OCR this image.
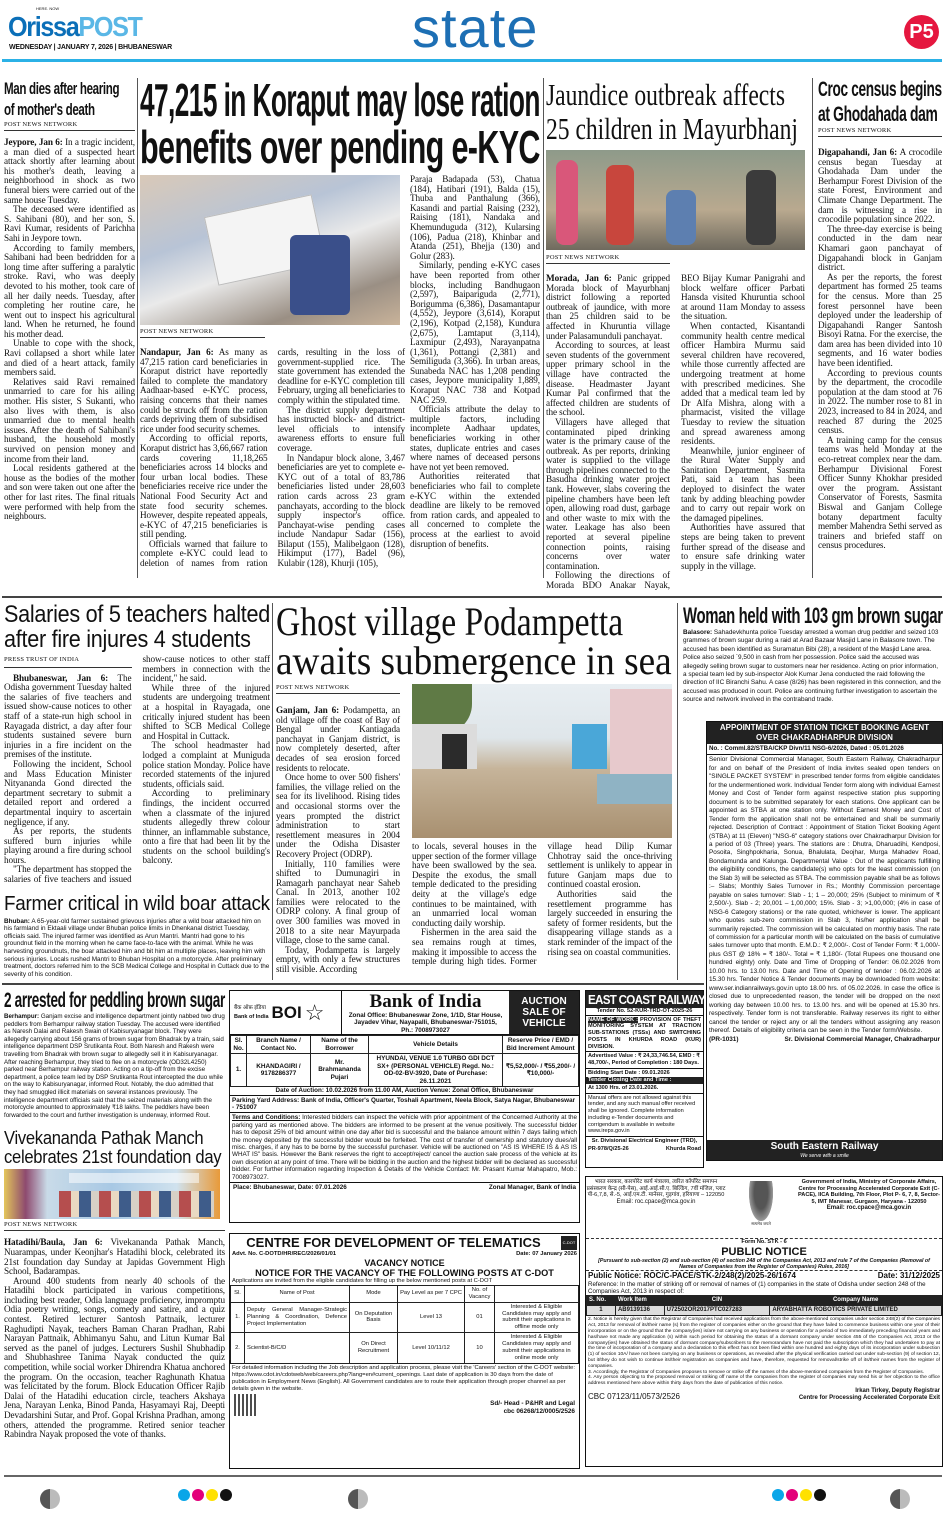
HERE. NOW
OrissaPOST
WEDNESDAY | JANUARY 7, 2026 | BHUBANESWAR	state	P5
Man dies after hearing
of mother's death
POST NEWS NETWORK

Jeypore, Jan 6: In a tragic incident, a man died of a suspected heart attack shortly after learning about his mother's death, leaving a neighborhood in shock as two funeral biers were carried out of the same house Tuesday.

The deceased were identified as S. Sahibani (80), and her son, S. Ravi Kumar, residents of Parichha Sahi in Jeypore town.

According to family members, Sahibani had been bedridden for a long time after suffering a paralytic stroke. Ravi, who was deeply devoted to his mother, took care of all her daily needs. Tuesday, after completing her routine care, he went out to inspect his agricultural land. When he returned, he found his mother dead.

Unable to cope with the shock, Ravi collapsed a short while later and died of a heart attack, family members said.

Relatives said Ravi remained unmarried to care for his ailing mother. His sister, S Sukanti, who also lives with them, is also unmarried due to mental health issues. After the death of Sahibani's husband, the household mostly survived on pension money and income from their land.

Local residents gathered at the house as the bodies of the mother and son were taken out one after the other for last rites. The final rituals were performed with help from the neighbours.

47,215 in Koraput may lose ration
benefits over pending e-KYC
POST NEWS NETWORK

Nandapur, Jan 6: As many as 47,215 ration card beneficiaries in Koraput district have reportedly failed to complete the mandatory Aadhaar-based e-KYC process, raising concerns that their names could be struck off from the ration cards depriving them of subsidised rice under food security schemes.

According to official reports, Koraput district has 3,66,667 ration cards covering 11,18,265 beneficiaries across 14 blocks and four urban local bodies. These beneficiaries receive rice under the National Food Security Act and state food security schemes. However, despite repeated appeals, e-KYC of 47,215 beneficiaries is still pending.

Officials warned that failure to complete e-KYC could lead to deletion of names from ration cards, resulting in the loss of government-supplied rice. The state government has extended the deadline for e-KYC completion till February, urging all beneficiaries to comply within the stipulated time.

The district supply department has instructed block- and district-level officials to intensify awareness efforts to ensure full coverage.

In Nandapur block alone, 3,467 beneficiaries are yet to complete e-KYC out of a total of 83,786 beneficiaries listed under 28,603 ration cards across 23 gram panchayats, according to the block supply inspector's office. Panchayat-wise pending cases include Nandapur Sadar (156), Bilaput (155), Malibelgaon (128), Hikimput (177), Badel (96), Kulabir (128), Khurji (105),

Paraja Badapada (53), Chatua (184), Hatibari (191), Balda (15), Thuba and Panthalung (366), Kasandi and partial Raising (232), Raising (181), Nandaka and Khemunduguda (312), Kularsing (106), Padua (218), Khinbar and Atanda (251), Bhejja (130) and Golur (283).

Similarly, pending e-KYC cases have been reported from other blocks, including Bandhugaon (2,597), Baipariguda (2,771), Borigumma (6,386), Dasamantapur (4,552), Jeypore (3,614), Koraput (2,196), Kotpad (2,158), Kundura (2,675), Lamtaput (3,114), Laxmipur (2,493), Narayanpatna (1,361), Pottangi (2,381) and Semiliguda (3,366). In urban areas, Sunabeda NAC has 1,208 pending cases, Jeypore municipality 1,889, Koraput NAC 738 and Kotpad NAC 259.

Officials attribute the delay to multiple factors, including incomplete Aadhaar updates, beneficiaries working in other states, duplicate entries and cases where names of deceased persons have not yet been removed.

Authorities reiterated that beneficiaries who fail to complete e-KYC within the extended deadline are likely to be removed from ration cards, and appealed to all concerned to complete the process at the earliest to avoid disruption of benefits.

Jaundice outbreak affects
25 children in Mayurbhanj
POST NEWS NETWORK

Morada, Jan 6: Panic gripped Morada block of Mayurbhanj district following a reported outbreak of jaundice, with more than 25 children said to be affected in Khuruntia village under Palasamunduli panchayat.

According to sources, at least seven students of the government upper primary school in the village have contracted the disease. Headmaster Jayant Kumar Pal confirmed that the affected children are students of the school.

Villagers have alleged that contaminated piped drinking water is the primary cause of the outbreak. As per reports, drinking water is supplied to the village through pipelines connected to the Basudha drinking water project tank. However, slabs covering the pipeline chambers have been left open, allowing road dust, garbage and other waste to mix with the water. Leakage has also been reported at several pipeline connection points, raising concerns over water contamination.

Following the directions of Morada BDO Anakar Nayak, BEO Bijay Kumar Panigrahi and block welfare officer Parbati Hansda visited Khuruntia school at around 11am Monday to assess the situation.

When contacted, Kisantandi community health centre medical officer Hambira Murmu said several children have recovered, while those currently affected are undergoing treatment at home with prescribed medicines. She added that a medical team led by Dr Alfa Mishra, along with a pharmacist, visited the village Tuesday to review the situation and spread awareness among residents.

Meanwhile, junior engineer of the Rural Water Supply and Sanitation Department, Sasmita Pati, said a team has been deployed to disinfect the water tank by adding bleaching powder and to carry out repair work on the damaged pipelines.

Authorities have assured that steps are being taken to prevent further spread of the disease and to ensure safe drinking water supply in the village.

Croc census begins
at Ghodahada dam
POST NEWS NETWORK

Digapahandi, Jan 6: A crocodile census began Tuesday at Ghodahada Dam under the Berhampur Forest Division of the state Forest, Environment and Climate Change Department. The dam is witnessing a rise in crocodile population since 2022.

The three-day exercise is being conducted in the dam near Khamari gaon panchayat of Digapahandi block in Ganjam district.

As per the reports, the forest department has formed 25 teams for the census. More than 25 forest personnel have been deployed under the leadership of Digapahandi Ranger Santosh Bisoyi Ratna. For the exercise, the dam area has been divided into 10 segments, and 16 water bodies have been identified.

According to previous counts by the department, the crocodile population at the dam stood at 76 in 2022. The number rose to 81 in 2023, increased to 84 in 2024, and reached 87 during the 2025 census.

A training camp for the census teams was held Monday at the eco-retreat complex near the dam. Berhampur Divisional Forest Officer Sunny Khokhar presided over the program. Assistant Conservator of Forests, Sasmita Biswal and Ganjam College botany department faculty member Mahendra Sethi served as trainers and briefed staff on census procedures.

Salaries of 5 teachers halted
after fire injures 4 students
PRESS TRUST OF INDIA

Bhubaneswar, Jan 6: The Odisha government Tuesday halted the salaries of five teachers and issued show-cause notices to other staff of a state-run high school in Rayagada district, a day after four students sustained severe burn injuries in a fire incident on the premises of the institute.

Following the incident, School and Mass Education Minister Nityananda Gond directed the department secretary to submit a detailed report and ordered a departmental inquiry to ascertain negligence, if any.

As per reports, the students suffered burn injuries while playing around a fire during school hours.

"The department has stopped the salaries of five teachers and issued show-cause notices to other staff members in connection with the incident," he said.

While three of the injured students are undergoing treatment at a hospital in Rayagada, one critically injured student has been shifted to SCB Medical College and Hospital in Cuttack.

The school headmaster had lodged a complaint at Muniguda police station Monday. Police have recorded statements of the injured students, officials said.

According to preliminary findings, the incident occurred when a classmate of the injured students allegedly threw colour thinner, an inflammable substance, onto a fire that had been lit by the students on the school building's balcony.

Farmer critical in wild boar attack
Bhuban: A 65-year-old farmer sustained grievous injuries after a wild boar attacked him on his farmland in Ektaali village under Bhuban police limits in Dhenkanal district Tuesday, officials said. The injured farmer was identified as Arun Mantri. Mantri had gone to his groundnut field in the morning when he came face-to-face with the animal. While he was harvesting groundnuts, the boar attacked him and bit him at multiple places, leaving him with serious injuries. Locals rushed Mantri to Bhuban Hospital on a motorcycle. After preliminary treatment, doctors referred him to the SCB Medical College and Hospital in Cuttack due to the severity of his condition.
Ghost village Podampetta
awaits submergence in sea
POST NEWS NETWORK

Ganjam, Jan 6: Podampetta, an old village off the coast of Bay of Bengal under Kantiagada panchayat in Ganjam district, is now completely deserted, after decades of sea erosion forced residents to relocate.

Once home to over 500 fishers' families, the village relied on the sea for its livelihood. Rising tides and occasional storms over the years prompted the district administration to start resettlement measures in 2004 under the Odisha Disaster Recovery Project (ODRP).

Initially, 110 families were shifted to Dumunagiri in Ramagarh panchayat near Saheb Canal. In 2013, another 102 families were relocated to the ODRP colony. A final group of over 300 families was moved in 2018 to a site near Mayurpada village, close to the same canal.

Today, Podampetta is largely empty, with only a few structures still visible. According

to locals, several houses in the upper section of the former village have been swallowed by the sea. Despite the exodus, the small temple dedicated to the presiding deity at the village's edge continues to be maintained, with an unmarried local woman conducting daily worship.

Fishermen in the area said the sea remains rough at times, making it impossible to access the temple during high tides. Former village head Dilip Kumar Chhotray said the once-thriving settlement is unlikely to appear in future Ganjam maps due to continued coastal erosion.

Authorities said the resettlement programme has largely succeeded in ensuring the safety of former residents, but the disappearing village stands as a stark reminder of the impact of the rising sea on coastal communities.

Woman held with 103 gm brown sugar
Balasore: Sahadevkhunta police Tuesday arrested a woman drug peddler and seized 103 grammes of brown sugar during a raid at Arad Bazaar Masjid Lane in Balasore town. The accused has been identified as Suramatun Bibi (28), a resident of the Masjid Lane area. Police also seized `9,500 in cash from her possession. Police said the accused was allegedly selling brown sugar to customers near her residence. Acting on prior information, a special team led by sub-inspector Alok Kumar Jena conducted the raid following the direction of IIC Biranchi Sahu. A case (8/26) has been registered in this connection, and the accused was produced in court. Police are continuing further investigation to ascertain the source and network involved in the contraband trade.
APPOINTMENT OF STATION TICKET BOOKING AGENT OVER CHAKRADHARPUR DIVISION
No. : Comml.82/STBA/CKP Divn/11 NSG-6/2026, Dated : 05.01.2026
Senior Divisional Commercial Manager, South Eastern Railway, Chakradharpur for and on behalf of the President of India invites sealed open tenders on "SINGLE PACKET SYSTEM" in prescribed tender forms from eligible candidates for the undermentioned work. Individual Tender form along with individual Earnest Money and Cost of Tender form against respective station plus supporting document is to be submitted separately for each stations. One applicant can be appointed as STBA at one station only. Without Earnest Money and Cost of Tender form the application shall not be entertained and shall be summarily rejected. Description of Contract : Appointment of Station Ticket Booking Agent (STBA) at 11 (Eleven) "NSG-6" category stations over Chakradharpur Division for a period of 03 (Three) years. The stations are : Dhutra, Dharuadihi, Kendposi, Posoita, Singhpokharia, Sonua, Bhalulata, Deojhar, Murga Mahadev Road, Bondamunda and Kalunga. Departmental Value : Out of the applicants fulfilling the eligibility conditions, the candidate(s) who opts for the least commission (on the Slab 3) will be selected as STBA. The commission payable shall be as follows :– Slabs; Monthly Sales Turnover in Rs.; Monthly Commission percentage payable on sales turnover: Slab - 1; 1 – 20,000; 25% (Subject to minimum of ₹ 2,500/-). Slab - 2; 20,001 – 1,00,000; 15%. Slab - 3; >1,00,000; (4% in case of NSG-6 Category stations) or the rate quoted, whichever is lower. The applicant who quotes sub-zero commission in Slab 3, his/her application shall be summarily rejected. The commission will be calculated on monthly basis. The rate of commission for a particular month will be calculated on the basis of cumulative sales turnover upto that month. E.M.D.: ₹ 2,000/-. Cost of Tender Form: ₹ 1,000/- plus GST @ 18% = ₹ 180/-. Total = ₹ 1,180/- (Total Rupees one thousand one hundred eighty) only. Date and Time of Dropping of Tender: 06.02.2026 from 10.00 hrs. to 13.00 hrs. Date and Time of Opening of tender : 06.02.2026 at 15.30 hrs. Tender Notice & Tender documents may be downloaded from website: www.ser.indianrailways.gov.in upto 18.00 hrs. of 05.02.2026. In case the office is closed due to unprecedented reason, the tender will be dropped on the next working day between 10.00 hrs. to 13.00 hrs. and will be opened at 15.30 hrs. respectively. Tender form is not transferable. Railway reserves its right to either cancel the tender or reject any or all the tenders without assigning any reason thereof. Details of eligibility criteria can be seen in the Tender form/Website.
(PR-1031)	Sr. Divisional Commercial Manager, Chakradharpur
South Eastern Railway
We serve with a smile
2 arrested for peddling brown sugar
Berhampur: Ganjam excise and intelligence department jointly nabbed two drug peddlers from Berhampur railway station Tuesday. The accused were identified as Naresh Dalai and Rakesh Swain of Kabisuryanagar block. They were allegedly carrying about 156 grams of brown sugar from Bhadrak by a train, said intelligence department DSP Srutikanta Rout. Both Naresh and Rakesh were travelling from Bhadrak with brown sugar to allegedly sell it in Kabisuryanagar. After reaching Berhampur, they tried to flee on a motorcycle (OD32L4250) parked near Berhampur railway station. Acting on a tip-off from the excise department, a police team led by DSP Srutikanta Rout intercepted the duo while on the way to Kabisuryanagar, informed Rout. Notably, the duo admitted that they had smuggled illicit materials on several instances previously. The intelligence department officials said that the seized materials along with the motorcycle amounted to approximately ₹18 lakhs. The peddlers have been forwarded to the court and further investigation is underway, informed Rout.
Vivekananda Pathak Manch
celebrates 21st foundation day
POST NEWS NETWORK

Hatadihi/Baula, Jan 6: Vivekananda Pathak Manch, Nuarampas, under Keonjhar's Hatadihi block, celebrated its 21st foundation day Sunday at Japidas Government High School, Badarampas.

Around 400 students from nearly 40 schools of the Hatadihi block participated in various competitions, including best reader, Odia language proficiency, impromptu Odia poetry writing, songs, comedy and satire, and a quiz contest. Retired lecturer Santosh Pattnaik, lecturer Raghudipti Nayak, teachers Baman Charan Pradhan, Rabi Narayan Pattnaik, Abhimanyu Sahu, and Litun Kumar Bal served as the panel of judges. Lecturers Sushil Shubhadip and Shubhashree Tanima Nayak conducted the quiz competition, while social worker Dhirendra Khatua anchored the program. On the occasion, teacher Raghunath Khatua was felicitated by the forum. Block Education Officer Rajib Dalai of the Hatadihi education circle, teachers Akshaya Jena, Narayan Lenka, Binod Panda, Hasyamayi Raj, Deepti Devadarshini Sutar, and Prof. Gopal Krishna Pradhan, among others, attended the programme. Retired senior teacher Rabindra Nayak proposed the vote of thanks.

बैंक ऑफ़ इंडिया
Bank of India BOI ☆	Bank of India
Zonal Office: Bhubaneswar Zone, 1/1D, Star House, Jayadev Vihar, Nayapalli, Bhubaneswar-751015, Ph.: 7008973027
AUCTION SALE OF VEHICLE
Sl. No.	Branch Name / Contact No.	Name of the Borrower	Vehicle Details	Reserve Price / EMD / Bid Increment Amount
1.	KHANDAGIRI / 9178286377	Mr. Brahmananda Pujari	HYUNDAI, VENUE 1.0 TURBO GDI DCT SX+ (PERSONAL VEHICLE) Regd. No.: OD-02-BV-3920, Date of Purchase: 26.11.2021	₹5,52,000/- / ₹55,200/- / ₹10,000/-
Date of Auction: 10.02.2026 from 11.00 AM, Auction Venue: Zonal Office, Bhubaneswar
Parking Yard Address: Bank of India, Officer's Quarter, Toshali Apartment, Neela Block, Satya Nagar, Bhubaneswar - 751007
Terms and Conditions: Interested bidders can inspect the vehicle with prior appointment of the Concerned Authority at the parking yard as mentioned above. The bidders are informed to be present at the venue positively. The successful bidder has to deposit 25% of bid amount within one day after bid is successful and the balance amount within 7 days failing which the money deposited by the successful bidder would be forfeited. The cost of transfer of ownership and statutory dues/all misc. charges, if any has to be borne by the successful purchaser. Vehicle will be auctioned on "AS IS WHERE IS & AS IS WHAT IS" basis. However the Bank reserves the right to accept/reject/ cancel the auction sale process of the vehicle at its own discretion at any point of time. There will be bidding in the auction and the highest bidder will be declared as successful bidder. For further information regarding Inspection & Details of the Vehicle Contact: Mr. Prasant Kumar Mahapatro, Mob.: 7008973027.
Place: Bhubaneswar, Date: 07.01.2026	Zonal Manager, Bank of India
CENTRE FOR DEVELOPMENT OF TELEMATICS	C-DOT
Advt. No. C-DOTD/HR/REC/2026/01/01	Date: 07 January 2026
VACANCY NOTICE
NOTICE FOR THE VACANCY OF THE FOLLOWING POSTS AT C-DOT
Applications are invited from the eligible candidates for filling up the below mentioned posts at C-DOT
Sl.	Name of Post	Mode	Pay Level as per 7 CPC	No. of Vacancy	
1.	Deputy General Manager-Strategic Planning & Coordination, Defence Project Implementation	On Deputation Basis	Level 13	01	Interested & Eligible Candidates may apply and submit their applications in offline mode only
2.	Scientist-B/C/D	On Direct Recruitment	Level 10/11/12	10	Interested & Eligible Candidates may apply and submit their applications in online mode only
For detailed information including the Job description and application process, please visit the 'Careers' section of the C-DOT website: https://www.cdot.in/cdotweb/web/careers.php?lang=en#current_openings. Last date of application is 30 days from the date of publication in Employment News (English). All Government candidates are to route their application through proper channel as per details given in the website.
Sd/- Head - P&HR and Legal
cbc 06268/12/0005/2526
EAST COAST RAILWAY
Tender No. 52-KUR-TRD-OT-2025-26
NAME OF WORK : PROVISION OF THEFT MONITORING SYSTEM AT TRACTION SUB-STATIONS (TSSs) AND SWITCHING POSTS IN KHURDA ROAD (KUR) DIVISION.
Advertised Value : ₹ 24,33,746.54, EMD : ₹ 48,700/-, Period of Completion : 180 Days.
Bidding Start Date : 09.01.2026
Tender Closing Date and Time :
At 1300 Hrs. of 23.01.2026.
Manual offers are not allowed against this tender, and any such manual offer received shall be ignored. Complete information including e-Tender documents and corrigendum is available in website www.ireps.gov.in
Sr. Divisional Electrical Engineer (TRD),
PR-978/Q/25-26	Khurda Road
भारत सरकार, कारपोरेट कार्य मंत्रालय, त्वरित कॉर्पोरेट समापन प्रसंस्करण केन्द्र (सी-पेस), आई.आई.सी.ए. बिल्डिंग, 7वीं मंजिल, प्लाट पी-6,7,8, से.-5, आई.एम.टी. मानेसर, गुड़गांव, हरियाणा – 122050
Email: roc.cpace@mca.gov.in
सत्यमेव जयते
Government of India, Ministry of Corporate Affairs, Centre for Processing Accelerated Corporate Exit (C-PACE), IICA Building, 7th Floor, Plot P- 6, 7, 8, Sector-5, IMT Manesar, Gurgaon, Haryana - 122050
Email: roc.cpace@mca.gov.in
Form No. STK - 6
PUBLIC NOTICE
[Pursuant to sub-section (2) and sub-section (4) of section 248 of the Companies Act, 2013 and rule 7 of the Companies (Removal of Names of Companies from the Register of Companies) Rules, 2016]
Public Notice: ROC/C-PACE/STK-2/248(2)/2025-26/1674	Date: 31/12/2025
Reference: In the matter of striking off or removal of names of (1) companies in the state of Odisha under section 248 of the Companies Act, 2013 in respect of:
S. No.	Work Item	CIN	Company Name
1	AB9139136	U72502OR2017PTC027283	ARYABHATTA ROBOTICS PRIVATE LIMITED
2. Notice is hereby given that the Registrar of Companies had received applications from the above-mentioned companies under section 248(2) of the Companies Act, 2013 for removal of its/their name (s) from the register of companies either on the ground that they have failed to commence business within one year of their incorporation or on the ground that the company(ies) is/are not carrying on any business or operation for a period of two immediately preceding financial years and has/have not made any application (s) within such period for obtaining the status of a dormant company under section 455 of the Companies Act, 2013 or the company(ies) have obtained the status of dormant company/subscribers to the memorandum have not paid the subscription which they had undertaken to pay at the time of incorporation of a company and a declaration to this effect has not been filed within one hundred and eighty days of its incorporation under subsection (1) of section 10A/ have not been carrying on any business or operations, as revealed after the physical verification carried out under sub-section (9) of section 12, but it/they do not wish to continue its/their registration as companies and have, therefore, requested for removal/strike off of its/their names from the register of companies.
3. Accordingly, the Registrar of Companies proposes to remove or strike off the names of the above-mentioned companies from the Register of Companies.
4. Any person objecting to the proposed removal or striking off name of the companies from the register of companies may send his or her objection to the office address mentioned here above within thirty days from the date of publication of this notice.
CBC 07123/11/0573/2526
Irkan Tirkey, Deputy Registrar
Centre for Processing Accelerated Corporate Exit
